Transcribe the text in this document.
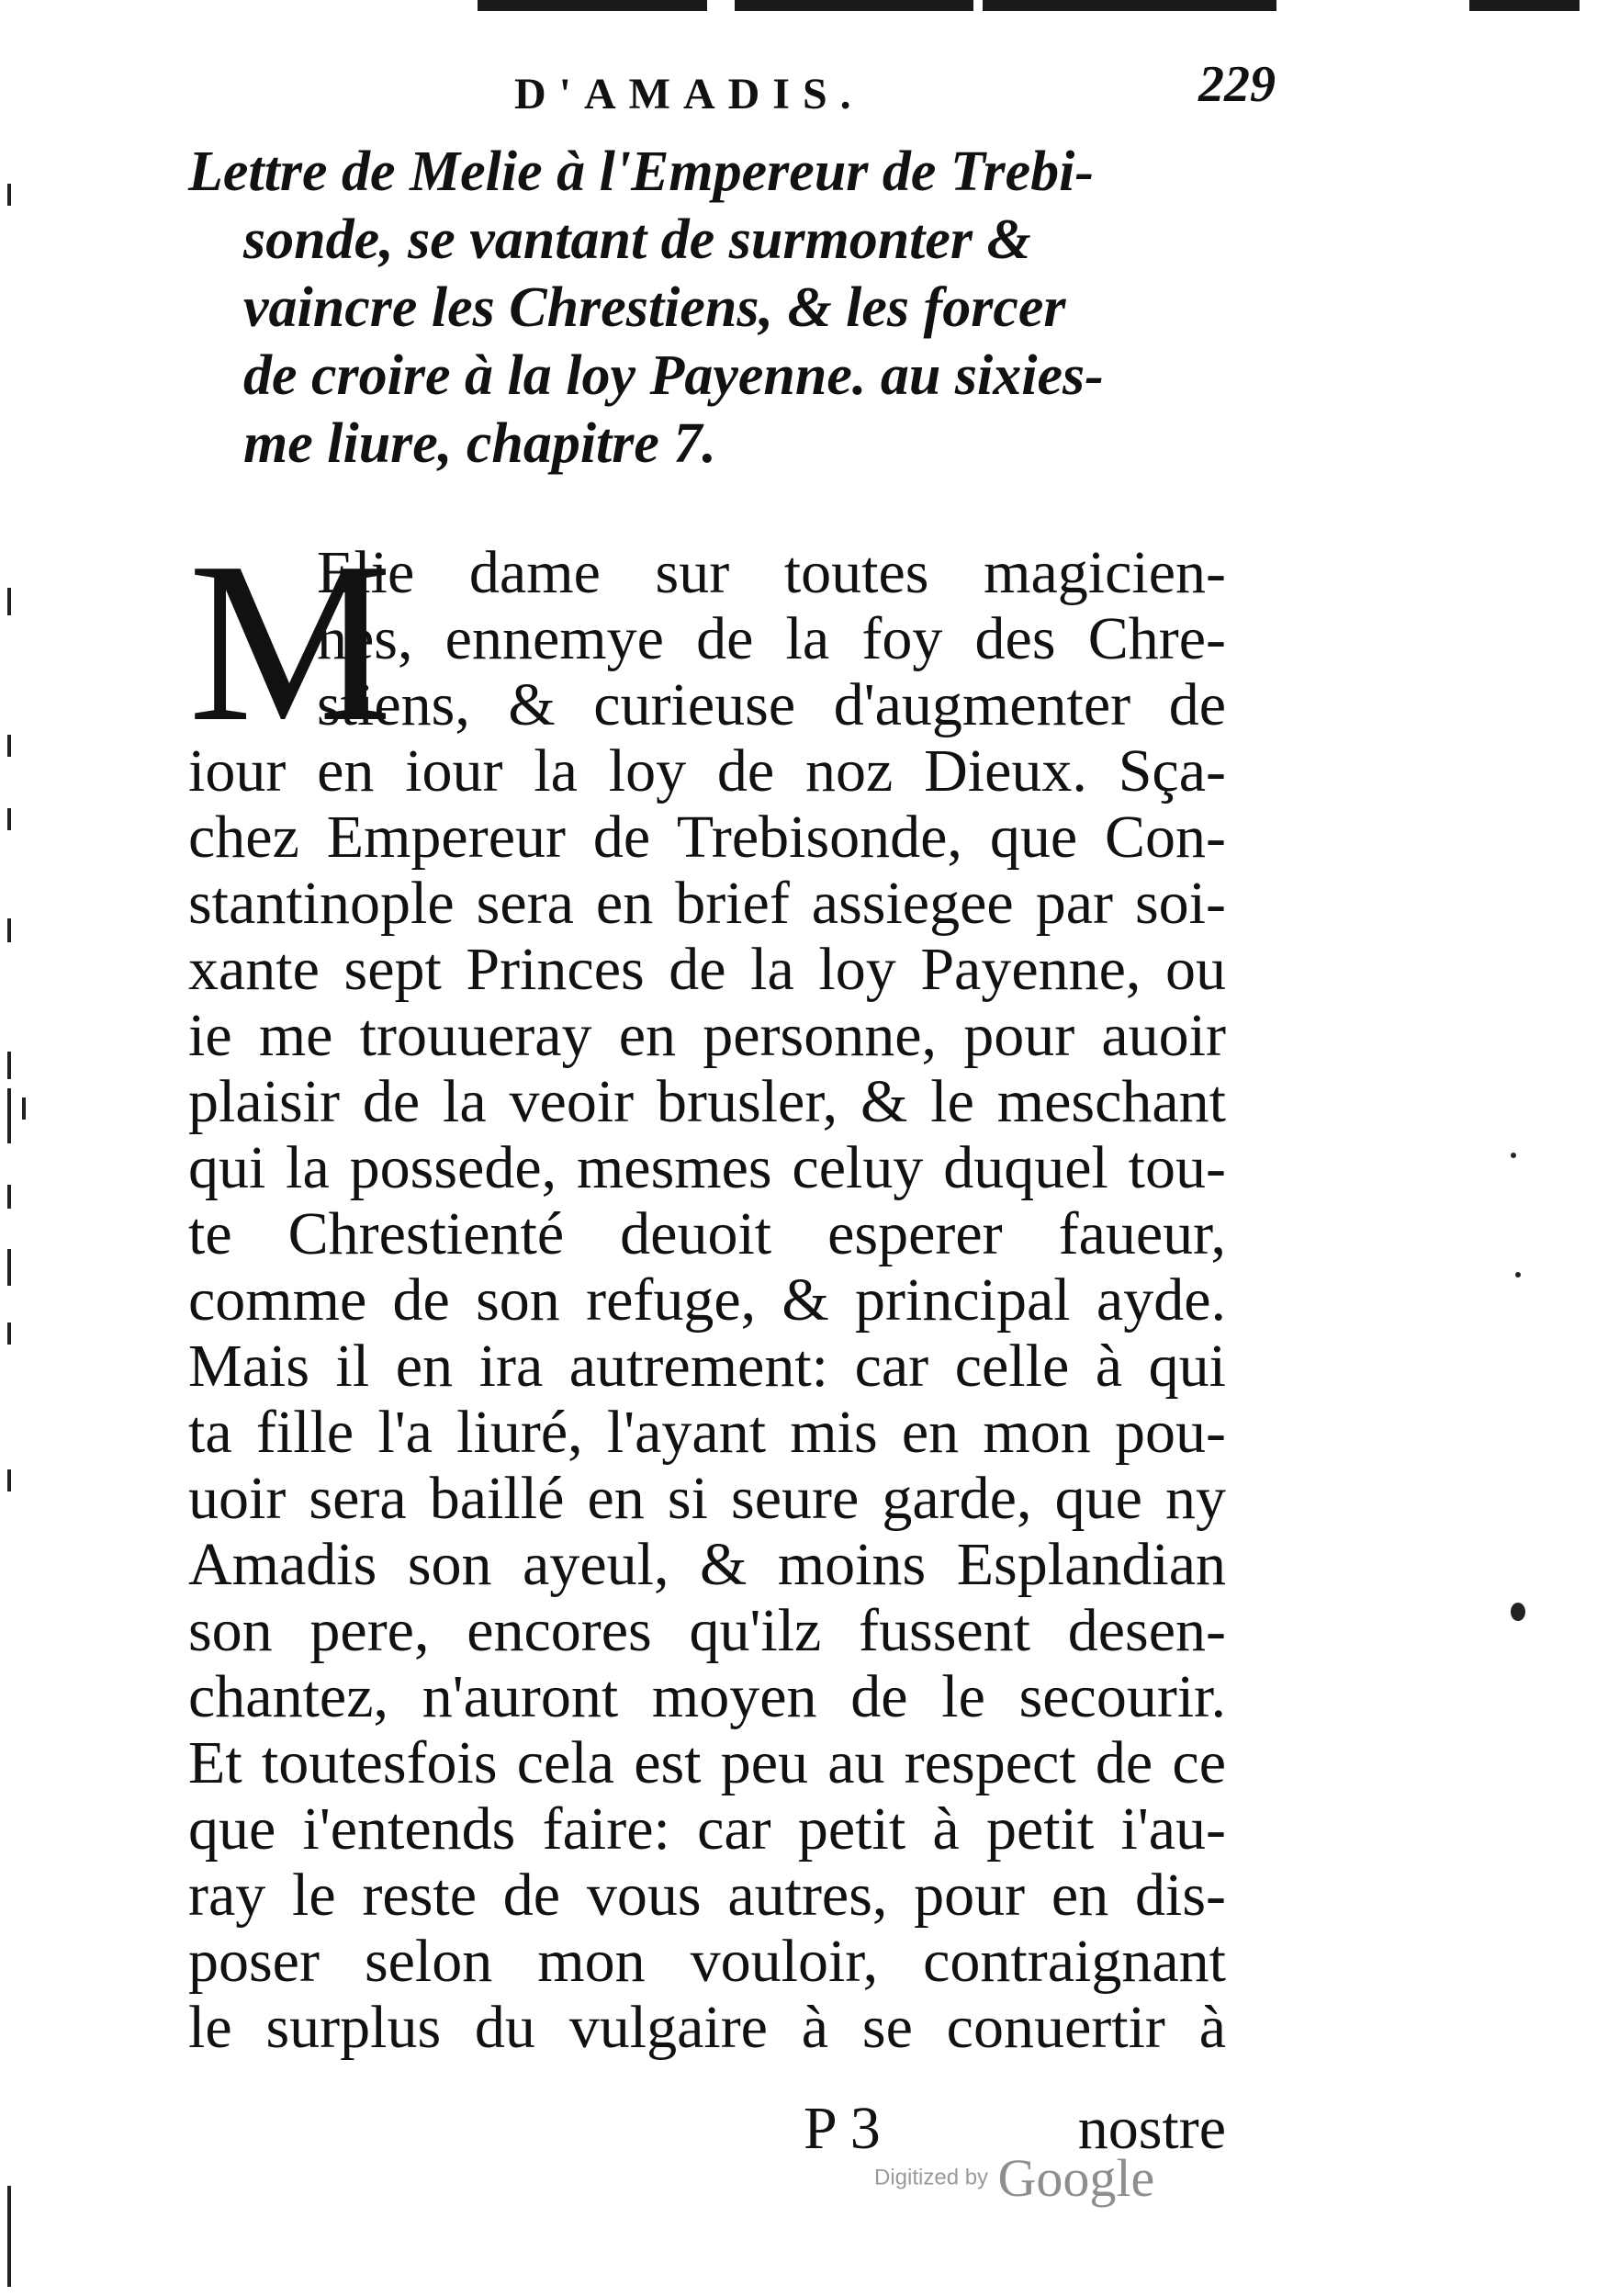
D'AMADIS.	229
Lettre de Melie à l'Empereur de Trebi-
sonde, se vantant de surmonter &
vaincre les Chrestiens, & les forcer
de croire à la loy Payenne. au sixies-
me liure, chapitre 7.
M
Elie dame sur toutes magicien-
nes, ennemye de la foy des Chre-
stiens, & curieuse d'augmenter de
iour en iour la loy de noz Dieux. Sça-
chez Empereur de Trebisonde, que Con-
stantinople sera en brief assiegee par soi-
xante sept Princes de la loy Payenne, ou
ie me trouueray en personne, pour auoir
plaisir de la veoir brusler, & le meschant
qui la possede, mesmes celuy duquel tou-
te Chrestienté deuoit esperer faueur,
comme de son refuge, & principal ayde.
Mais il en ira autrement: car celle à qui
ta fille l'a liuré, l'ayant mis en mon pou-
uoir sera baillé en si seure garde, que ny
Amadis son ayeul, & moins Esplandian
son pere, encores qu'ilz fussent desen-
chantez, n'auront moyen de le secourir.
Et toutesfois cela est peu au respect de ce
que i'entends faire: car petit à petit i'au-
ray le reste de vous autres, pour en dis-
poser selon mon vouloir, contraignant
le surplus du vulgaire à se conuertir à
P 3	nostre
Digitized by Google
